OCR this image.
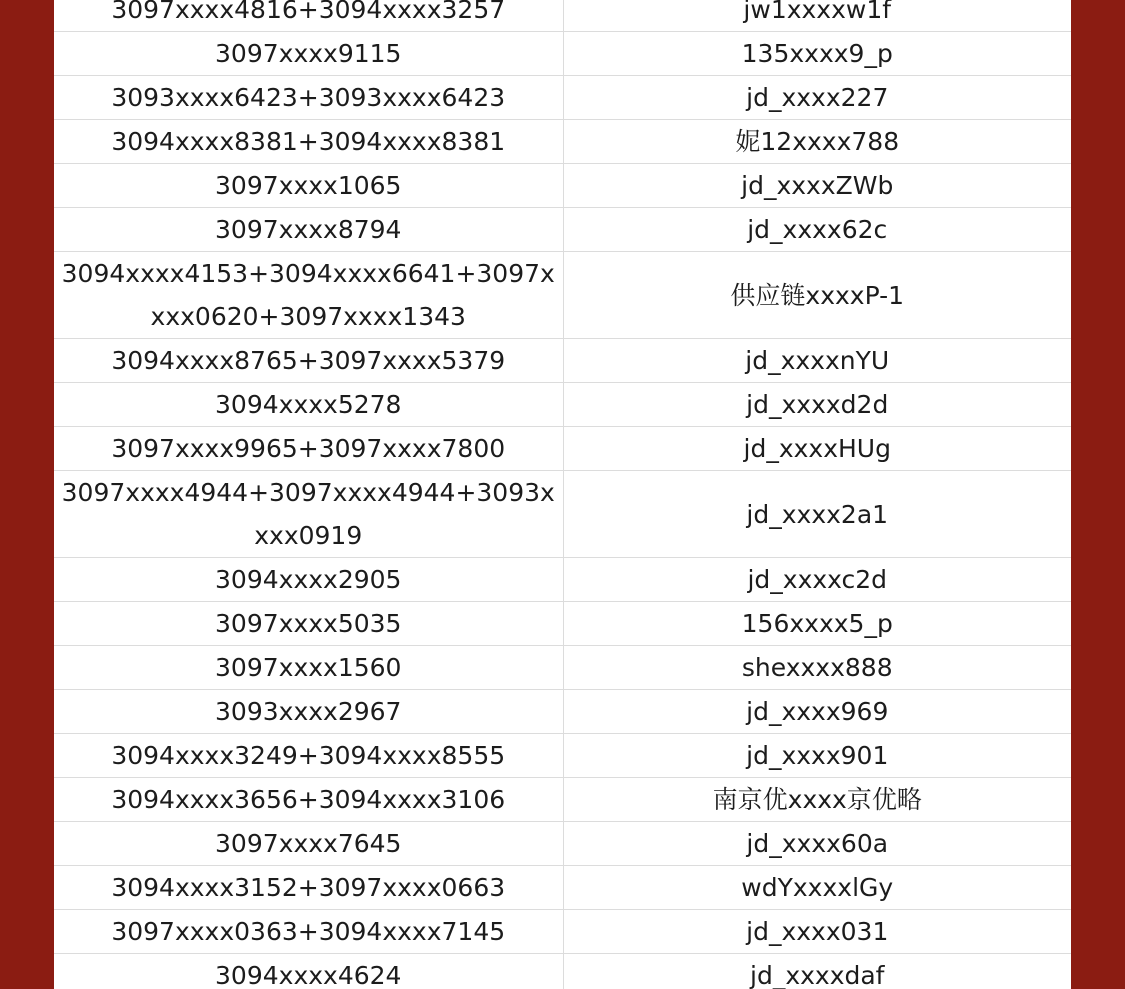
3097xxxx4816+3094xxxx3257	jw1xxxxw1f
3097xxxx9115	135xxxx9_p
3093xxxx6423+3093xxxx6423	jd_xxxx227
3094xxxx8381+3094xxxx8381	妮12xxxx788
3097xxxx1065	jd_xxxxZWb
3097xxxx8794	jd_xxxx62c
3094xxxx4153+3094xxxx6641+3097xxxx0620+3097xxxx1343	供应链xxxxP-1
3094xxxx8765+3097xxxx5379	jd_xxxxnYU
3094xxxx5278	jd_xxxxd2d
3097xxxx9965+3097xxxx7800	jd_xxxxHUg
3097xxxx4944+3097xxxx4944+3093xxxx0919	jd_xxxx2a1
3094xxxx2905	jd_xxxxc2d
3097xxxx5035	156xxxx5_p
3097xxxx1560	shexxxx888
3093xxxx2967	jd_xxxx969
3094xxxx3249+3094xxxx8555	jd_xxxx901
3094xxxx3656+3094xxxx3106	南京优xxxx京优略
3097xxxx7645	jd_xxxx60a
3094xxxx3152+3097xxxx0663	wdYxxxxlGy
3097xxxx0363+3094xxxx7145	jd_xxxx031
3094xxxx4624	jd_xxxxdaf
